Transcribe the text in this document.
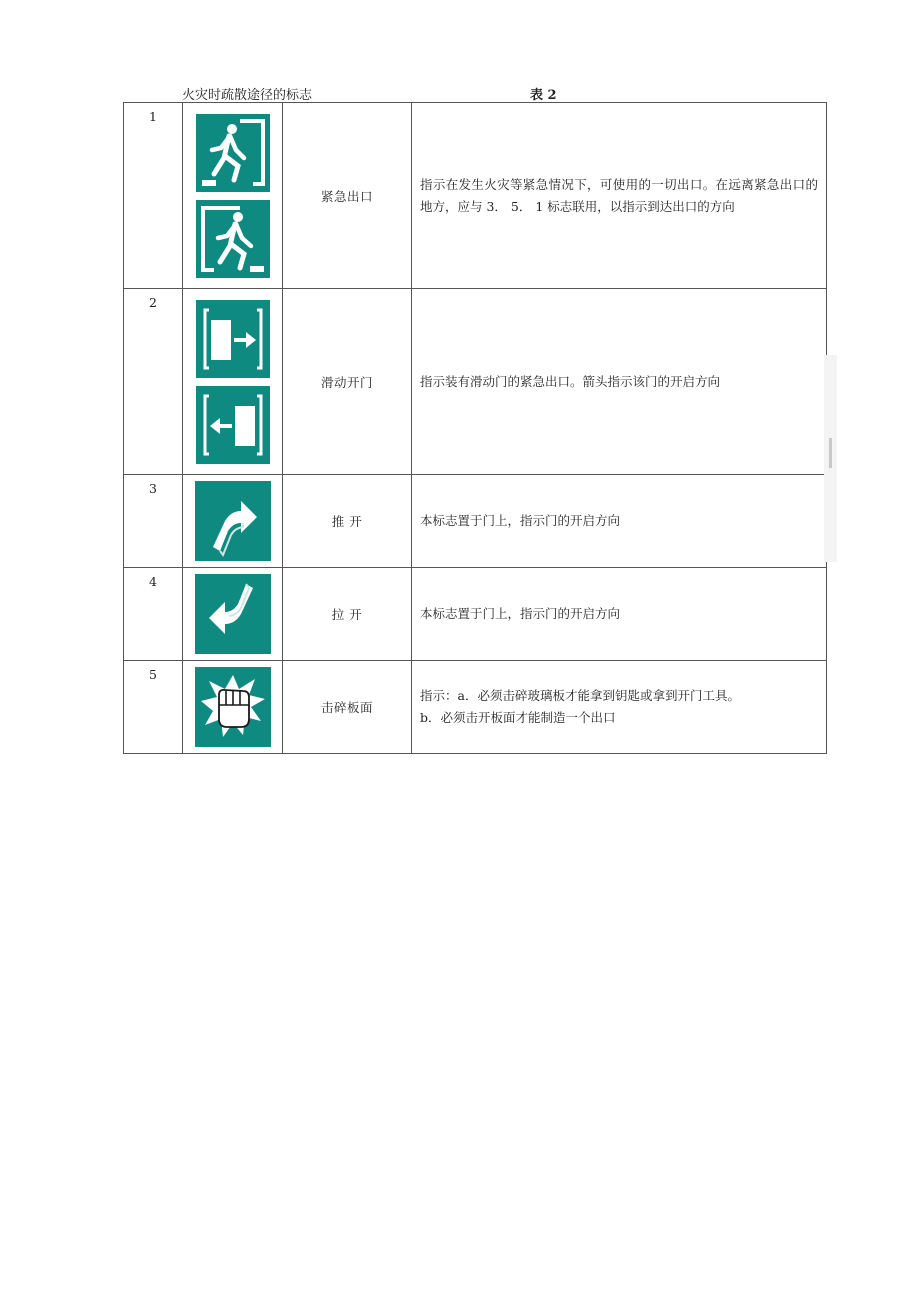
火灾时疏散途径的标志	表 2
1		紧急出口	指示在发生火灾等紧急情况下，可使用的一切出口。在远离紧急出口的地方，应与 3． 5． 1 标志联用，以指示到达出口的方向
2		滑动开门	指示装有滑动门的紧急出口。箭头指示该门的开启方向
3		推 开	本标志置于门上，指示门的开启方向
4		拉 开	本标志置于门上，指示门的开启方向
5		击碎板面	指示：a．必须击碎玻璃板才能拿到钥匙或拿到开门工具。
b．必须击开板面才能制造一个出口
